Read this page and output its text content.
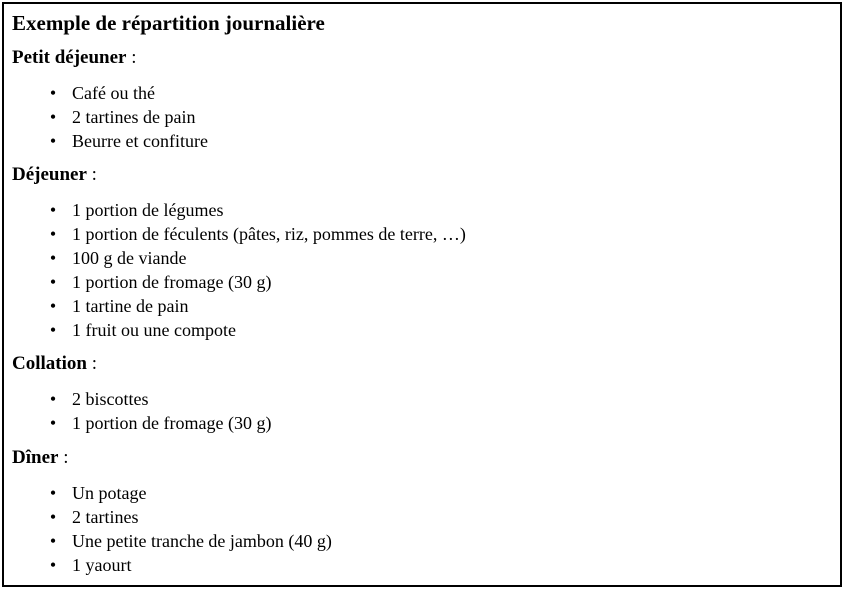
Exemple de répartition journalière

Petit déjeuner :

• Café ou thé
• 2 tartines de pain
• Beurre et confiture

Déjeuner :

• 1 portion de légumes
• 1 portion de féculents (pâtes, riz, pommes de terre, …)
• 100 g de viande
• 1 portion de fromage (30 g)
• 1 tartine de pain
• 1 fruit ou une compote

Collation :

• 2 biscottes
• 1 portion de fromage (30 g)

Dîner :

• Un potage
• 2 tartines
• Une petite tranche de jambon (40 g)
• 1 yaourt
